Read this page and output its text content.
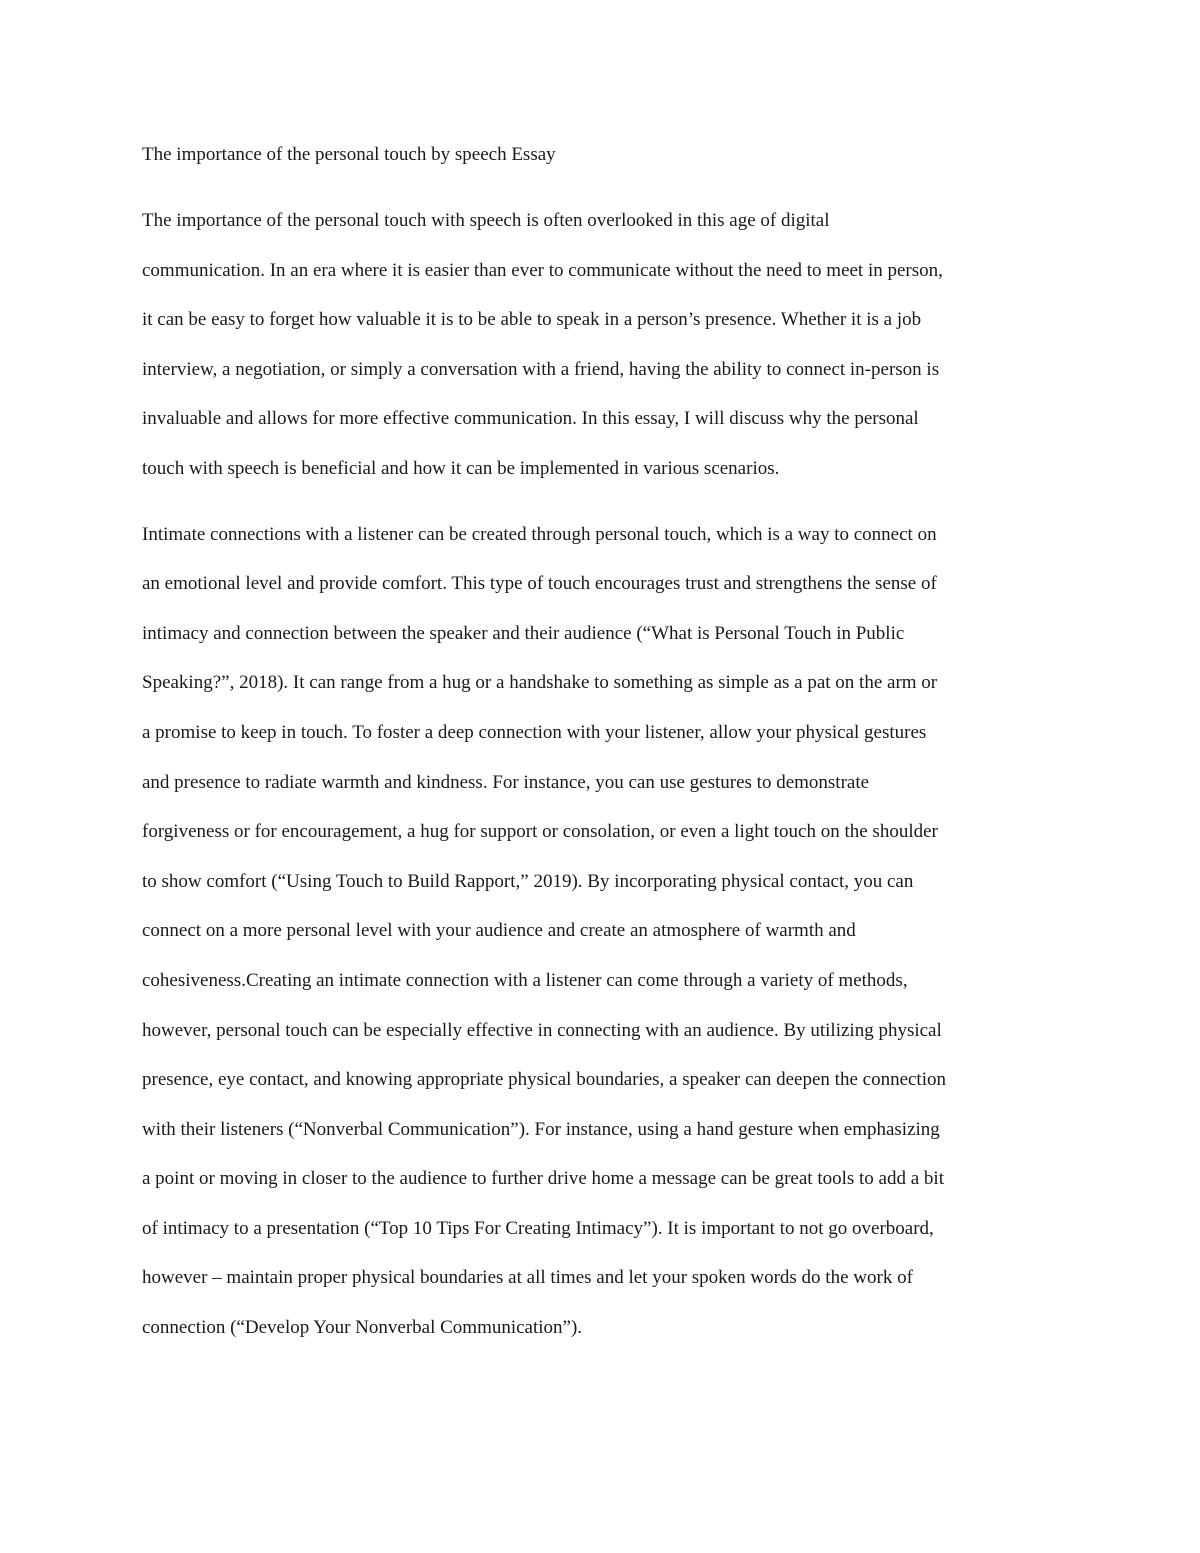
The importance of the personal touch by speech Essay

The importance of the personal touch with speech is often overlooked in this age of digital
communication. In an era where it is easier than ever to communicate without the need to meet in person,
it can be easy to forget how valuable it is to be able to speak in a person’s presence. Whether it is a job
interview, a negotiation, or simply a conversation with a friend, having the ability to connect in-person is
invaluable and allows for more effective communication. In this essay, I will discuss why the personal
touch with speech is beneficial and how it can be implemented in various scenarios.

Intimate connections with a listener can be created through personal touch, which is a way to connect on
an emotional level and provide comfort. This type of touch encourages trust and strengthens the sense of
intimacy and connection between the speaker and their audience (“What is Personal Touch in Public
Speaking?”, 2018). It can range from a hug or a handshake to something as simple as a pat on the arm or
a promise to keep in touch. To foster a deep connection with your listener, allow your physical gestures
and presence to radiate warmth and kindness. For instance, you can use gestures to demonstrate
forgiveness or for encouragement, a hug for support or consolation, or even a light touch on the shoulder
to show comfort (“Using Touch to Build Rapport,” 2019). By incorporating physical contact, you can
connect on a more personal level with your audience and create an atmosphere of warmth and
cohesiveness.Creating an intimate connection with a listener can come through a variety of methods,
however, personal touch can be especially effective in connecting with an audience. By utilizing physical
presence, eye contact, and knowing appropriate physical boundaries, a speaker can deepen the connection
with their listeners (“Nonverbal Communication”). For instance, using a hand gesture when emphasizing
a point or moving in closer to the audience to further drive home a message can be great tools to add a bit
of intimacy to a presentation (“Top 10 Tips For Creating Intimacy”). It is important to not go overboard,
however – maintain proper physical boundaries at all times and let your spoken words do the work of
connection (“Develop Your Nonverbal Communication”).
